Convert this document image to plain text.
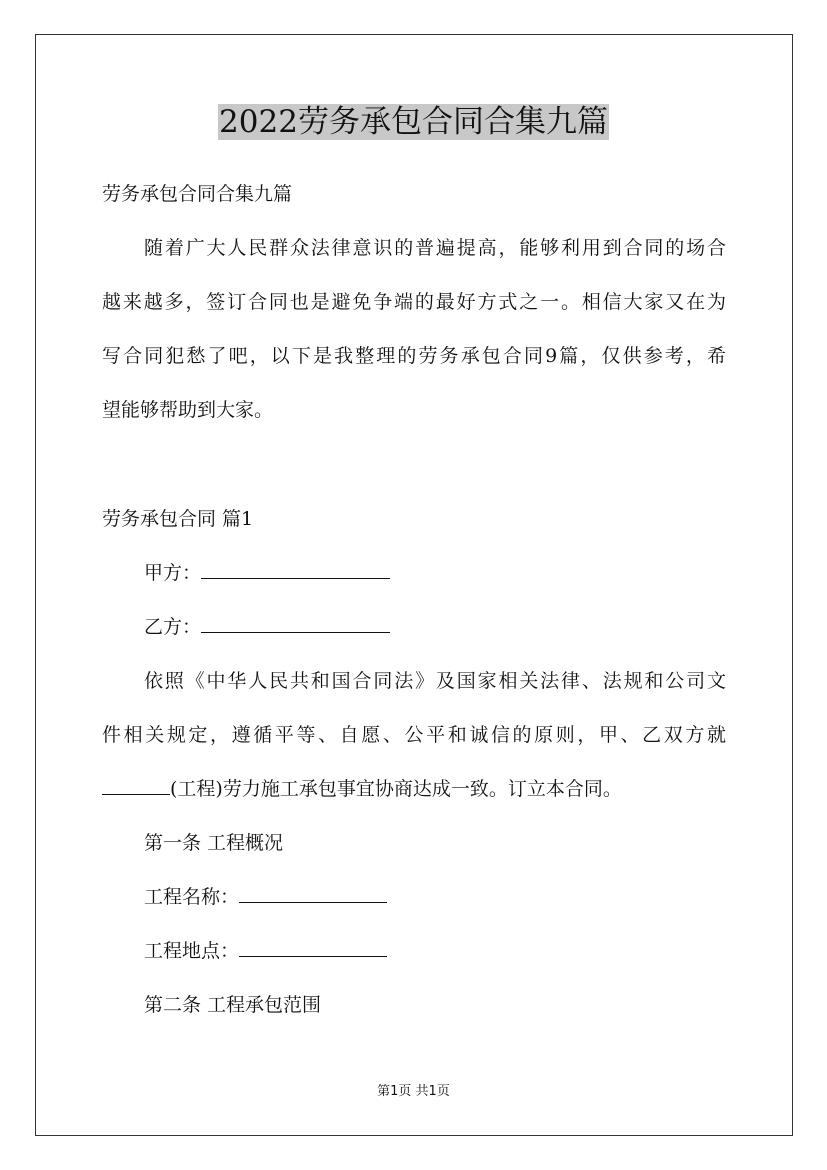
2022劳务承包合同合集九篇
劳务承包合同合集九篇
随着广大人民群众法律意识的普遍提高，能够利用到合同的场合
越来越多，签订合同也是避免争端的最好方式之一。相信大家又在为
写合同犯愁了吧，以下是我整理的劳务承包合同9篇，仅供参考，希
望能够帮助到大家。
劳务承包合同 篇1
甲方：
乙方：
依照《中华人民共和国合同法》及国家相关法律、法规和公司文
件相关规定，遵循平等、自愿、公平和诚信的原则，甲、乙双方就
(工程)劳力施工承包事宜协商达成一致。订立本合同。
第一条 工程概况
工程名称：
工程地点：
第二条 工程承包范围
第1页 共1页
